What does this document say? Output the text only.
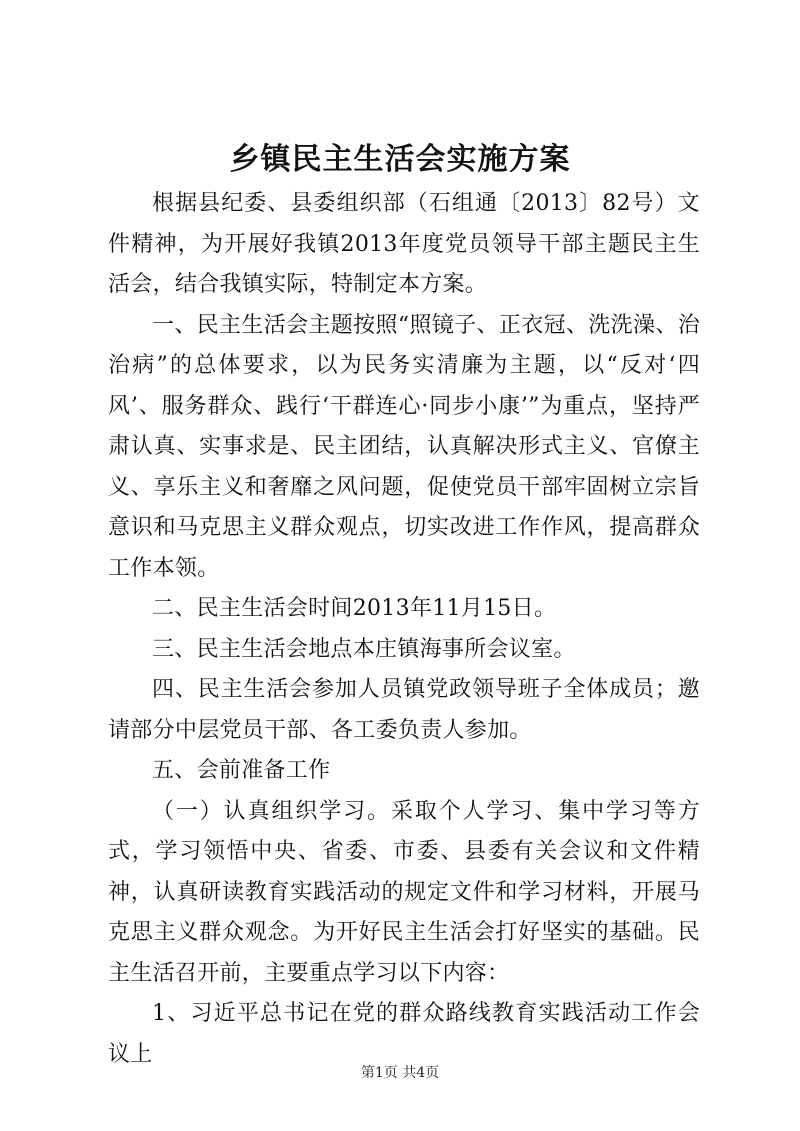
乡镇民主生活会实施方案

根据县纪委、县委组织部（石组通〔2013〕82号）文件精神，为开展好我镇2013年度党员领导干部主题民主生活会，结合我镇实际，特制定本方案。

一、民主生活会主题按照“照镜子、正衣冠、洗洗澡、治治病”的总体要求，以为民务实清廉为主题，以“反对‘四风’、服务群众、践行‘干群连心·同步小康’”为重点，坚持严肃认真、实事求是、民主团结，认真解决形式主义、官僚主义、享乐主义和奢靡之风问题，促使党员干部牢固树立宗旨意识和马克思主义群众观点，切实改进工作作风，提高群众工作本领。

二、民主生活会时间2013年11月15日。

三、民主生活会地点本庄镇海事所会议室。

四、民主生活会参加人员镇党政领导班子全体成员；邀请部分中层党员干部、各工委负责人参加。

五、会前准备工作

（一）认真组织学习。采取个人学习、集中学习等方式，学习领悟中央、省委、市委、县委有关会议和文件精神，认真研读教育实践活动的规定文件和学习材料，开展马克思主义群众观念。为开好民主生活会打好坚实的基础。民主生活召开前，主要重点学习以下内容：

1、习近平总书记在党的群众路线教育实践活动工作会议上

第1页 共4页
